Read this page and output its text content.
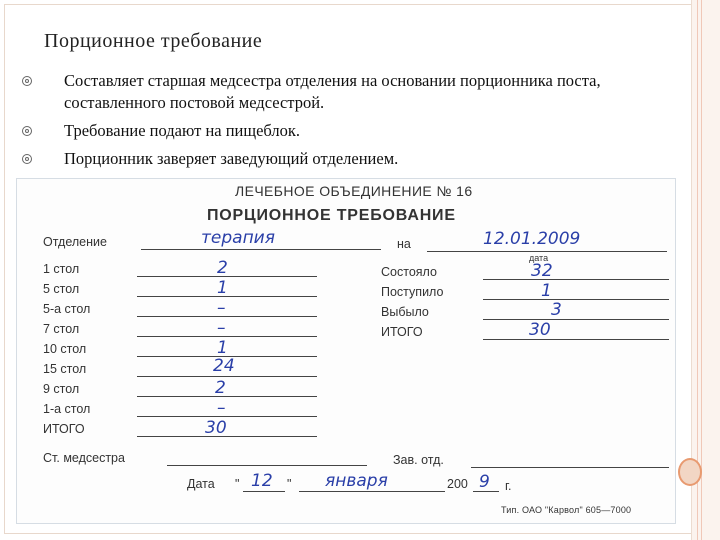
Порционное требование
Составляет старшая медсестра отделения на основании порционника поста, составленного постовой медсестрой.
Требование подают на пищеблок.
Порционник заверяет заведующий отделением.
ЛЕЧЕБНОЕ ОБЪЕДИНЕНИЕ № 16
ПОРЦИОННОЕ ТРЕБОВАНИЕ
Отделение	терапия	на	12.01.2009
дата
1 стол	2
5 стол	1
5-а стол	–
7 стол	–
10 стол	1
15 стол	24
9 стол	2
1-а стол	–
ИТОГО	30
Состояло	32
Поступило	1
Выбыло	3
ИТОГО	30
Ст. медсестра	Зав. отд.
Дата " 12 " января	200 9 г.
Тип. ОАО "Карвол" 605—7000
